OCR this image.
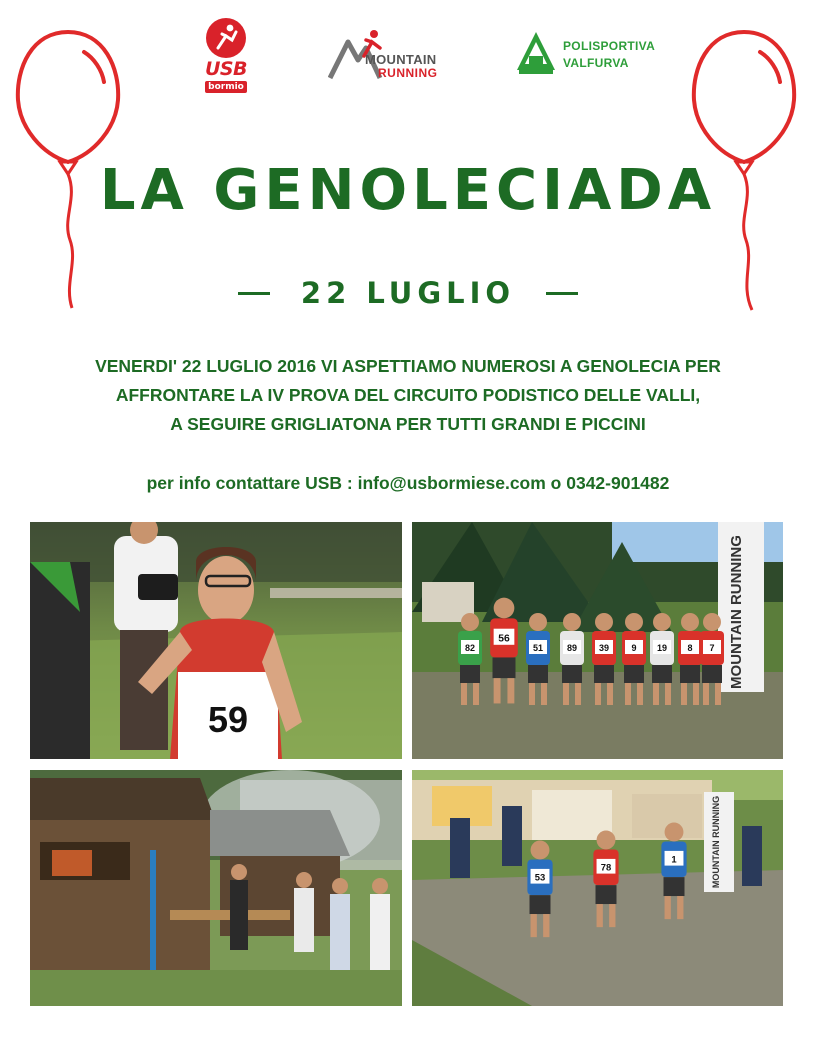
USB
bormio
MOUNTAIN
RUNNING
POLISPORTIVA
VALFURVA
LA GENOLECIADA
22 LUGLIO
VENERDI' 22 LUGLIO 2016 VI ASPETTIAMO NUMEROSI A GENOLECIA PER
AFFRONTARE LA IV PROVA DEL CIRCUITO PODISTICO DELLE VALLI,
A SEGUIRE GRIGLIATONA PER TUTTI GRANDI E PICCINI
per info contattare USB : info@usbormiese.com o 0342-901482
59
MOUNTAIN RUNNING
82
56
51	89 39 9 19 8 7
MOUNTAIN RUNNING
53
78
1
